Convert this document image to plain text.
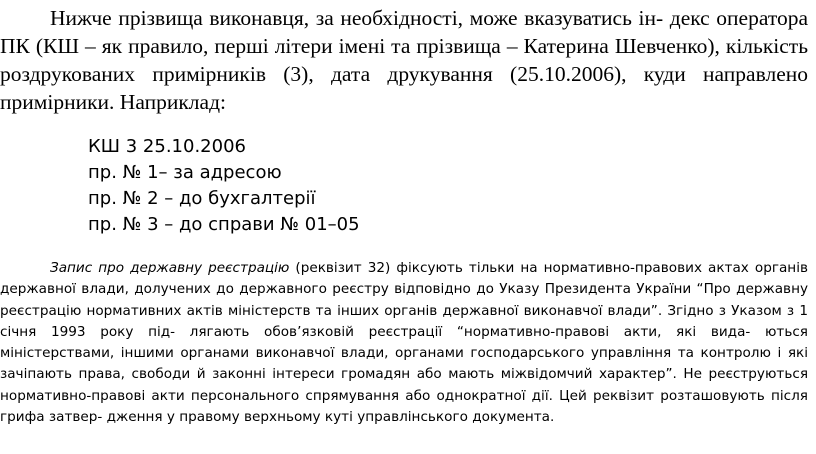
Нижче прізвища виконавця, за необхідності, може вказуватись ін- декс оператора ПК (КШ – як правило, перші літери імені та прізвища – Катерина Шевченко), кількість роздрукованих примірників (3), дата друкування (25.10.2006), куди направлено примірники. Наприклад:

КШ 3 25.10.2006
пр. № 1– за адресою
пр. № 2 – до бухгалтерії
пр. № 3 – до справи № 01–05

Запис про державну реєстрацію (реквізит 32) фіксують тільки на нормативно-правових актах органів державної влади, долучених до державного реєстру відповідно до Указу Президента України “Про державну реєстрацію нормативних актів міністерств та інших органів державної виконавчої влади”. Згідно з Указом з 1 січня 1993 року під- лягають обов’язковій реєстрації “нормативно-правові акти, які вида- ються міністерствами, іншими органами виконавчої влади, органами господарського управління та контролю і які зачіпають права, свободи й законні інтереси громадян або мають міжвідомчий характер”. Не реєструються нормативно-правові акти персонального спрямування або однократної дії. Цей реквізит розташовують після грифа затвер- дження у правому верхньому куті управлінського документа.
